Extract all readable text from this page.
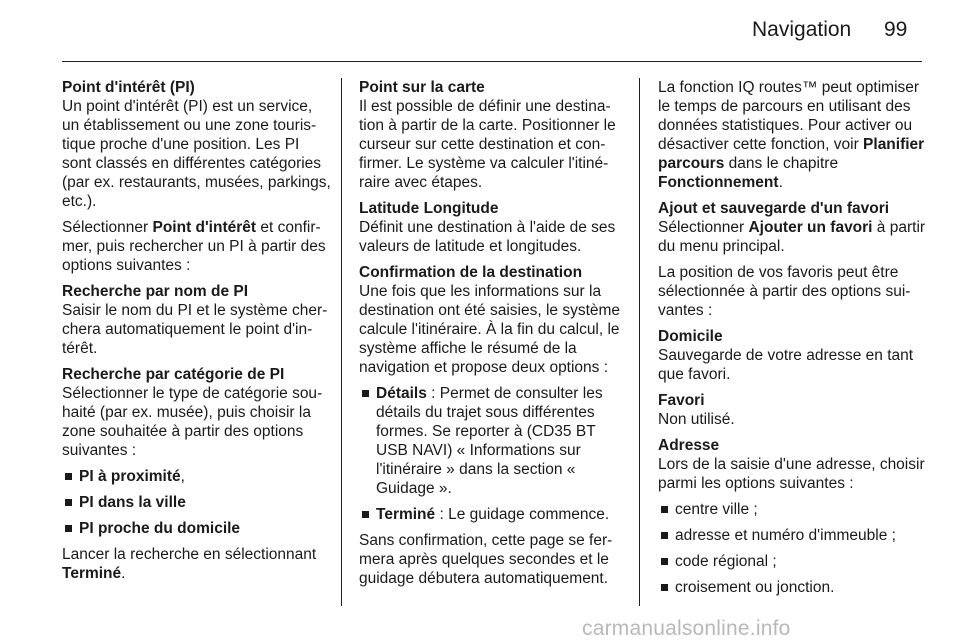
Navigation 99

Point d'intérêt (PI)

Un point d'intérêt (PI) est un service, un établissement ou une zone touristique proche d'une position. Les PI sont classés en différentes catégories (par ex. restaurants, musées, parkings, etc.).

Sélectionner Point d'intérêt et confirmer, puis rechercher un PI à partir des options suivantes :

Recherche par nom de PI

Saisir le nom du PI et le système cherchera automatiquement le point d'intérêt.

Recherche par catégorie de PI

Sélectionner le type de catégorie souhaité (par ex. musée), puis choisir la zone souhaitée à partir des options suivantes :

PI à proximité,
PI dans la ville
PI proche du domicile

Lancer la recherche en sélectionnant Terminé.

Point sur la carte

Il est possible de définir une destination à partir de la carte. Positionner le curseur sur cette destination et confirmer. Le système va calculer l'itinéraire avec étapes.

Latitude Longitude

Définit une destination à l'aide de ses valeurs de latitude et longitudes.

Confirmation de la destination

Une fois que les informations sur la destination ont été saisies, le système calcule l'itinéraire. À la fin du calcul, le système affiche le résumé de la navigation et propose deux options :

Détails : Permet de consulter les détails du trajet sous différentes formes. Se reporter à (CD35 BT USB NAVI) « Informations sur l'itinéraire » dans la section « Guidage ».
Terminé : Le guidage commence.

Sans confirmation, cette page se fermera après quelques secondes et le guidage débutera automatiquement.

La fonction IQ routes™ peut optimiser le temps de parcours en utilisant des données statistiques. Pour activer ou désactiver cette fonction, voir Planifier parcours dans le chapitre Fonctionnement.

Ajout et sauvegarde d'un favori

Sélectionner Ajouter un favori à partir du menu principal.

La position de vos favoris peut être sélectionnée à partir des options suivantes :

Domicile

Sauvegarde de votre adresse en tant que favori.

Favori

Non utilisé.

Adresse

Lors de la saisie d'une adresse, choisir parmi les options suivantes :

centre ville ;
adresse et numéro d'immeuble ;
code régional ;
croisement ou jonction.
carmanualsonline.info
